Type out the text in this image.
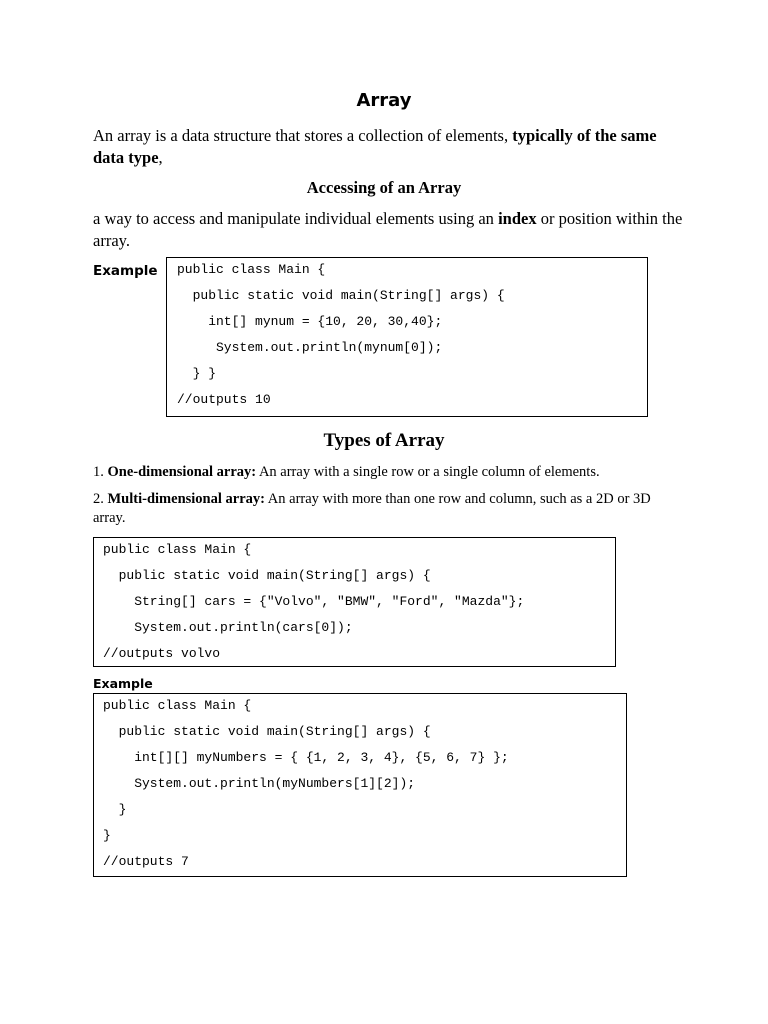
Array
An array is a data structure that stores a collection of elements, typically of the same data type,
Accessing of an Array
a way to access and manipulate individual elements using an index or position within the array.
Example public class Main {
public static void main(String[] args) {
int[] mynum = {10, 20, 30,40};
System.out.println(mynum[0]);
} }
//outputs 10
Types of Array
1. One-dimensional array: An array with a single row or a single column of elements.
2. Multi-dimensional array: An array with more than one row and column, such as a 2D or 3D array.
public class Main {
public static void main(String[] args) {
String[] cars = {"Volvo", "BMW", "Ford", "Mazda"};
System.out.println(cars[0]);
//outputs volvo
Example
public class Main {
public static void main(String[] args) {
int[][] myNumbers = { {1, 2, 3, 4}, {5, 6, 7} };
System.out.println(myNumbers[1][2]);
}
}
//outputs 7
